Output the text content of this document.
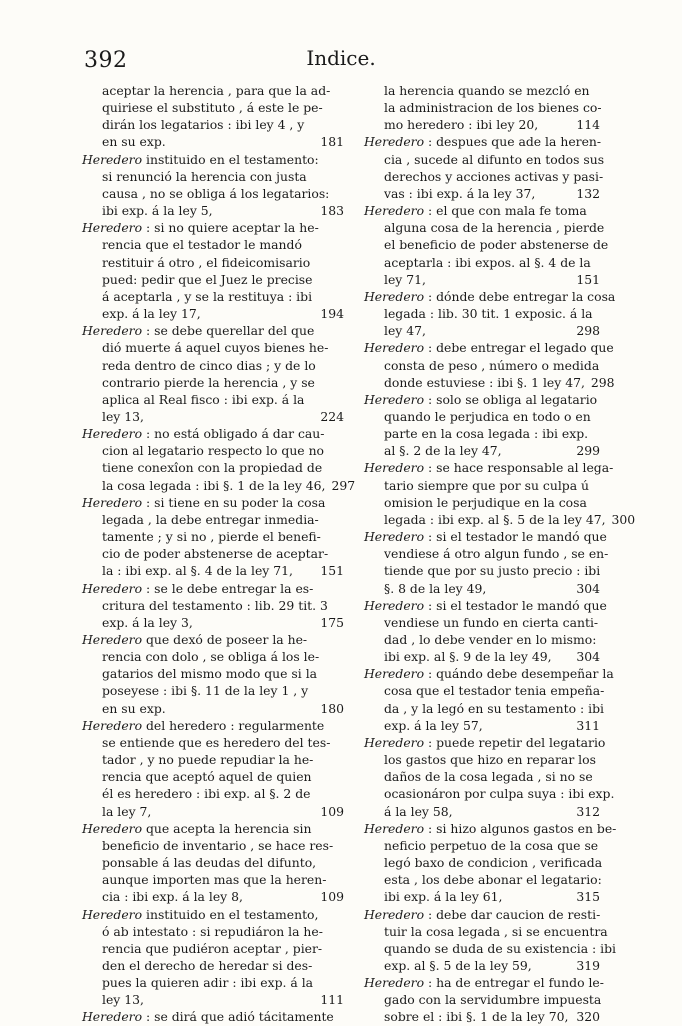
392	Indice.
aceptar la herencia , para que la ad-
quiriese el substituto , á este le pe-
dirán los legatarios : ibi ley 4 , y
en su exp.	181
Heredero instituido en el testamento:
si renunció la herencia con justa
causa , no se obliga á los legatarios:
ibi exp. á la ley 5,	183
Heredero : si no quiere aceptar la he-
rencia que el testador le mandó
restituir á otro , el fideicomisario
pued: pedir que el Juez le precise
á aceptarla , y se la restituya : ibi
exp. á la ley 17,	194
Heredero : se debe querellar del que
dió muerte á aquel cuyos bienes he-
reda dentro de cinco dias ; y de lo
contrario pierde la herencia , y se
aplica al Real fisco : ibi exp. á la
ley 13,	224
Heredero : no está obligado á dar cau-
cion al legatario respecto lo que no
tiene conexîon con la propiedad de
la cosa legada : ibi §. 1 de la ley 46, 297
Heredero : si tiene en su poder la cosa
legada , la debe entregar inmedia-
tamente ; y si no , pierde el benefi-
cio de poder abstenerse de aceptar-
la : ibi exp. al §. 4 de la ley 71,	151
Heredero : se le debe entregar la es-
critura del testamento : lib. 29 tit. 3
exp. á la ley 3,	175
Heredero que dexó de poseer la he-
rencia con dolo , se obliga á los le-
gatarios del mismo modo que si la
poseyese : ibi §. 11 de la ley 1 , y
en su exp.	180
Heredero del heredero : regularmente
se entiende que es heredero del tes-
tador , y no puede repudiar la he-
rencia que aceptó aquel de quien
él es heredero : ibi exp. al §. 2 de
la ley 7,	109
Heredero que acepta la herencia sin
beneficio de inventario , se hace res-
ponsable á las deudas del difunto,
aunque importen mas que la heren-
cia : ibi exp. á la ley 8,	109
Heredero instituido en el testamento,
ó ab intestato : si repudiáron la he-
rencia que pudiéron aceptar , pier-
den el derecho de heredar si des-
pues la quieren adir : ibi exp. á la
ley 13,	111
Heredero : se dirá que adió tácitamente
la herencia quando se mezcló en
la administracion de los bienes co-
mo heredero : ibi ley 20,	114
Heredero : despues que ade la heren-
cia , sucede al difunto en todos sus
derechos y acciones activas y pasi-
vas : ibi exp. á la ley 37,	132
Heredero : el que con mala fe toma
alguna cosa de la herencia , pierde
el beneficio de poder abstenerse de
aceptarla : ibi expos. al §. 4 de la
ley 71,	151
Heredero : dónde debe entregar la cosa
legada : lib. 30 tit. 1 exposic. á la
ley 47,	298
Heredero : debe entregar el legado que
consta de peso , número o medida
donde estuviese : ibi §. 1 ley 47, 298
Heredero : solo se obliga al legatario
quando le perjudica en todo o en
parte en la cosa legada : ibi exp.
al §. 2 de la ley 47,	299
Heredero : se hace responsable al lega-
tario siempre que por su culpa ú
omision le perjudique en la cosa
legada : ibi exp. al §. 5 de la ley 47, 300
Heredero : si el testador le mandó que
vendiese á otro algun fundo , se en-
tiende que por su justo precio : ibi
§. 8 de la ley 49,	304
Heredero : si el testador le mandó que
vendiese un fundo en cierta canti-
dad , lo debe vender en lo mismo:
ibi exp. al §. 9 de la ley 49,	304
Heredero : quándo debe desempeñar la
cosa que el testador tenia empeña-
da , y la legó en su testamento : ibi
exp. á la ley 57,	311
Heredero : puede repetir del legatario
los gastos que hizo en reparar los
daños de la cosa legada , si no se
ocasionáron por culpa suya : ibi exp.
á la ley 58,	312
Heredero : si hizo algunos gastos en be-
neficio perpetuo de la cosa que se
legó baxo de condicion , verificada
esta , los debe abonar el legatario:
ibi exp. á la ley 61,	315
Heredero : debe dar caucion de resti-
tuir la cosa legada , si se encuentra
quando se duda de su existencia : ibi
exp. al §. 5 de la ley 59,	319
Heredero : ha de entregar el fundo le-
gado con la servidumbre impuesta
sobre el : ibi §. 1 de la ley 70, 320
